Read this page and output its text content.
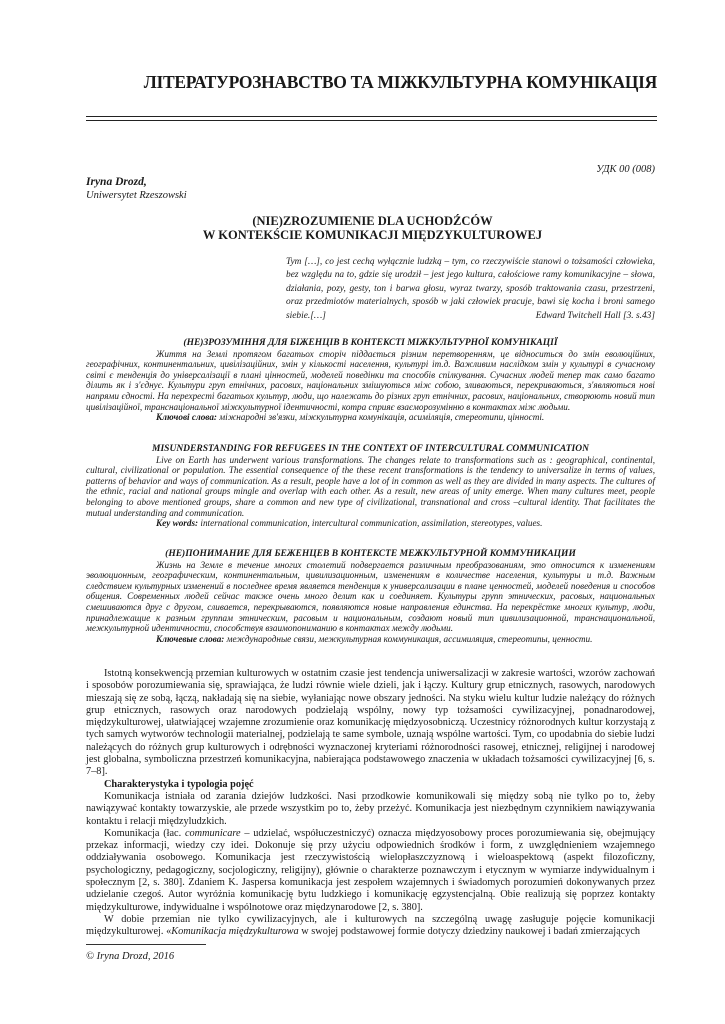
ЛІТЕРАТУРОЗНАВСТВО ТА МІЖКУЛЬТУРНА КОМУНІКАЦІЯ
УДК 00 (008)
Iryna Drozd,
Uniwersytet Rzeszowski
(NIE)ZROZUMIENIE DLA UCHODŹCÓW
W KONTEKŚCIE KOMUNIKACJI MIĘDZYKULTUROWEJ
Tym […], co jest cechą wyłącznie ludzką – tym, co rzeczywiście stanowi o tożsamości człowieka, bez względu na to, gdzie się urodził – jest jego kultura, całościowe ramy komunikacyjne – słowa, działania, pozy, gesty, ton i barwa głosu, wyraz twarzy, sposób traktowania czasu, przestrzeni, oraz przedmiotów materialnych, sposób w jaki człowiek pracuje, bawi się kocha i broni samego siebie.[…]	Edward Twitchell Hall [3. s.43]

(НЕ)ЗРОЗУМІННЯ ДЛЯ БІЖЕНЦІВ В КОНТЕКСТІ МІЖКУЛЬТУРНОЇ КОМУНІКАЦІЇ

Життя на Землі протягом багатьох сторіч піддається різним перетворенням, це відноситься до змін еволюційних, географічних, континентальних, цивілізаційних, змін у кількості населення, культурі іт.д. Важливим наслідком змін у культурі в сучасному світі є тенденція до універсалізації в плані цінностей, моделей поведінки та способів спілкування. Сучасних людей тепер так само багато ділить як і з'єднує. Культури груп етнічних, расових, національних змішуються між собою, зливаються, перекриваються, з'являються нові напрями єдності. На перехресті багатьох культур, люди, що належать до різних груп етнічних, расових, національних, створюють новий тип цивілізаційної, транснаціональної міжкультурної ідентичності, котра сприяє взаєморозумінню в контактах між людьми.

Ключові слова: міжнародні зв'язки, міжкультурна комунікація, асиміляція, стереотипи, цінності.

MISUNDERSTANDING FOR REFUGEES IN THE CONTEXT OF INTERCULTURAL COMMUNICATION

Live on Earth has underwent various transformations. The changes relate to transformations such as : geographical, continental, cultural, civilizational or population. The essential consequence of the these recent transformations is the tendency to universalize in terms of values, patterns of behavior and ways of communication. As a result, people have a lot of in common as well as they are divided in many aspects. The cultures of the ethnic, racial and national groups mingle and overlap with each other. As a result, new areas of unity emerge. When many cultures meet, people belonging to above mentioned groups, share a common and new type of civilizational, transnational and cross –cultural identity. That facilitates the mutual understanding and communication.

Key words: international communication, intercultural communication, assimilation, stereotypes, values.

(НЕ)ПОНИМАНИЕ ДЛЯ БЕЖЕНЦЕВ В КОНТЕКСТЕ МЕЖКУЛЬТУРНОЙ КОММУНИКАЦИИ

Жизнь на Земле в течение многих столетий подвергается различным преобразованиям, это относится к изменениям эволюционным, географическим, континентальным, цивилизационным, изменениям в количестве населения, культуры и т.д. Важным следствием культурных изменений в последнее время является тенденция к универсализации в плане ценностей, моделей поведения и способов общения. Современных людей сейчас также очень много делит как и соединяет. Культуры групп этнических, расовых, национальных смешиваются друг с другом, сливается, перекрываются, появляются новые направления единства. На перекрёстке многих культур, люди, принадлежащие к разным группам этническим, расовым и национальным, создают новый тип цивилизационной, транснациональной, межкультурной идентичности, способствуя взаимопониманию в контактах между людьми.

Ключевые слова: международные связи, межкультурная коммуникация, ассимиляция, стереотипы, ценности.

Istotną konsekwencją przemian kulturowych w ostatnim czasie jest tendencja uniwersalizacji w zakresie wartości, wzorów zachowań i sposobów porozumiewania się, sprawiająca, że ludzi równie wiele dzieli, jak i łączy. Kultury grup etnicznych, rasowych, narodowych mieszają się ze sobą, łączą, nakładają się na siebie, wyłaniając nowe obszary jedności. Na styku wielu kultur ludzie należący do różnych grup etnicznych, rasowych oraz narodowych podzielają wspólny, nowy typ tożsamości cywilizacyjnej, ponadnarodowej, międzykulturowej, ułatwiającej wzajemne zrozumienie oraz komunikację międzyosobniczą. Uczestnicy różnorodnych kultur korzystają z tych samych wytworów technologii materialnej, podzielają te same symbole, uznają wspólne wartości. Tym, co upodabnia do siebie ludzi należących do różnych grup kulturowych i odrębności wyznaczonej kryteriami różnorodności rasowej, etnicznej, religijnej i narodowej jest globalna, symboliczna przestrzeń komunikacyjna, nabierająca podstawowego znaczenia w układach tożsamości cywilizacyjnej [6, s. 7–8].

Charakterystyka i typologia pojęć

Komunikacja istniała od zarania dziejów ludzkości. Nasi przodkowie komunikowali się między sobą nie tylko po to, żeby nawiązywać kontakty towarzyskie, ale przede wszystkim po to, żeby przeżyć. Komunikacja jest niezbędnym czynnikiem nawiązywania kontaktu i relacji międzyludzkich.

Komunikacja (łac. communicare – udzielać, współuczestniczyć) oznacza międzyosobowy proces porozumiewania się, obejmujący przekaz informacji, wiedzy czy idei. Dokonuje się przy użyciu odpowiednich środków i form, z uwzględnieniem wzajemnego oddziaływania osobowego. Komunikacja jest rzeczywistością wielopłaszczyznową i wieloaspektową (aspekt filozoficzny, psychologiczny, pedagogiczny, socjologiczny, religijny), głównie o charakterze poznawczym i etycznym w wymiarze indywidualnym i społecznym [2, s. 380]. Zdaniem K. Jaspersa komunikacja jest zespołem wzajemnych i świadomych porozumień dokonywanych przez udzielanie czegoś. Autor wyróżnia komunikację bytu ludzkiego i komunikację egzystencjalną. Obie realizują się poprzez kontakty międzykulturowe, indywidualne i wspólnotowe oraz międzynarodowe [2, s. 380].

W dobie przemian nie tylko cywilizacyjnych, ale i kulturowych na szczególną uwagę zasługuje pojęcie komunikacji międzykulturowej. «Komunikacja międzykulturowa w swojej podstawowej formie dotyczy dziedziny naukowej i badań zmierzających

© Iryna Drozd, 2016
